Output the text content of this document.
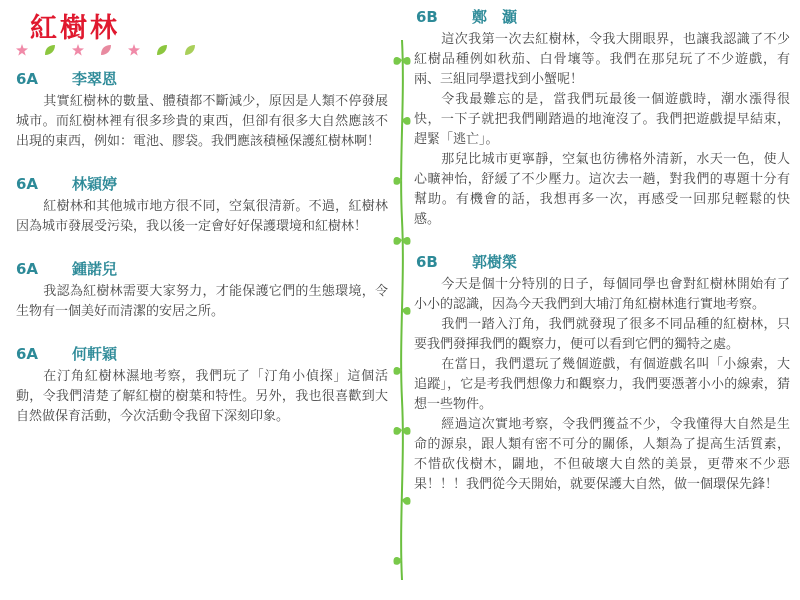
紅樹林
6A 李翠恩

其實紅樹林的數量、體積都不斷減少，原因是人類不停發展城市。而紅樹林裡有很多珍貴的東西，但卻有很多大自然應該不出現的東西，例如：電池、膠袋。我們應該積極保護紅樹林啊！

6A 林穎婷

紅樹林和其他城市地方很不同，空氣很清新。不過，紅樹林因為城市發展受污染，我以後一定會好好保護環境和紅樹林！

6A 鍾諾兒

我認為紅樹林需要大家努力，才能保護它們的生態環境，令生物有一個美好而清潔的安居之所。

6A 何軒穎

在汀角紅樹林濕地考察，我們玩了「汀角小偵探」這個活動，令我們清楚了解紅樹的樹葉和特性。另外，我也很喜歡到大自然做保育活動，今次活動令我留下深刻印象。

6B 鄭　灝

這次我第一次去紅樹林，令我大開眼界，也讓我認識了不少紅樹品種例如秋茄、白骨壤等。我們在那兒玩了不少遊戲，有兩、三組同學還找到小蟹呢！

令我最難忘的是，當我們玩最後一個遊戲時，潮水漲得很快，一下子就把我們剛踏過的地淹沒了。我們把遊戲提早結束，趕緊「逃亡」。

那兒比城市更寧靜，空氣也彷彿格外清新，水天一色，使人心曠神怡，舒緩了不少壓力。這次去一趟，對我們的專題十分有幫助。有機會的話，我想再多一次，再感受一回那兒輕鬆的快感。

6B 郭樹榮

今天是個十分特別的日子，每個同學也會對紅樹林開始有了小小的認識，因為今天我們到大埔汀角紅樹林進行實地考察。

我們一踏入汀角，我們就發現了很多不同品種的紅樹林，只要我們發揮我們的觀察力，便可以看到它們的獨特之處。

在當日，我們還玩了幾個遊戲，有個遊戲名叫「小線索，大追蹤」，它是考我們想像力和觀察力，我們要憑著小小的線索，猜想一些物件。

經過這次實地考察，令我們獲益不少，令我懂得大自然是生命的源泉，跟人類有密不可分的關係，人類為了提高生活質素，不惜砍伐樹木，闢地，不但破壞大自然的美景，更帶來不少惡果！！！我們從今天開始，就要保護大自然，做一個環保先鋒！
